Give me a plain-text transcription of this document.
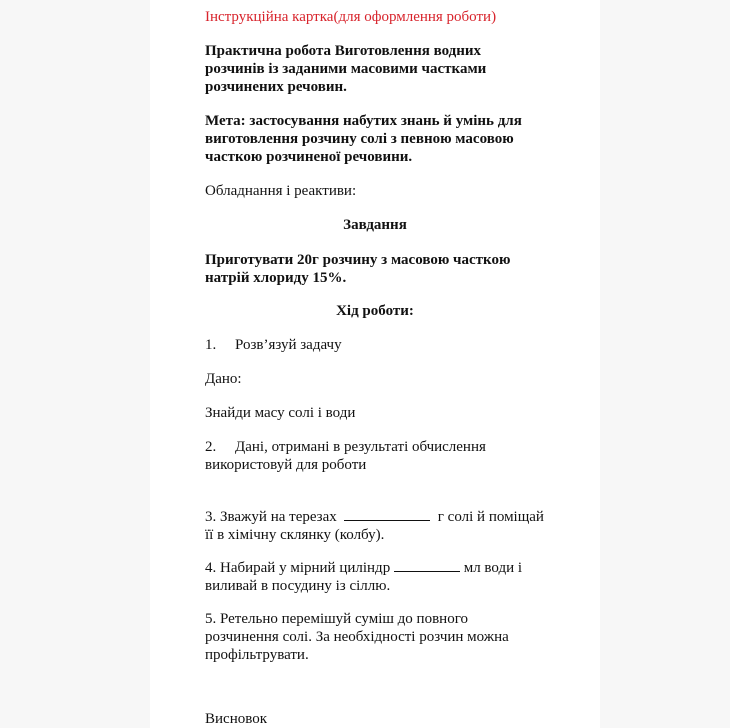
Інструкційна картка(для оформлення роботи)
Практична робота Виготовлення водних
розчинів із заданими масовими частками
розчинених речовин.
Мета: застосування набутих знань й умінь для
виготовлення розчину солі з певною масовою
часткою розчиненої речовини.
Обладнання і реактиви:
Завдання
Приготувати 20г розчину з масовою часткою
натрій хлориду 15%.
Хід роботи:
1. Розв’язуй задачу
Дано:
Знайди масу солі і води
2. Дані, отримані в результаті обчислення
використовуй для роботи
3. Зважуй на терезах	г солі й поміщай
її в хімічну склянку (колбу).
4. Набирай у мірний циліндр	мл води і
виливай в посудину із сіллю.
5. Ретельно перемішуй суміш до повного
розчинення солі. За необхідності розчин можна
профільтрувати.
Висновок
